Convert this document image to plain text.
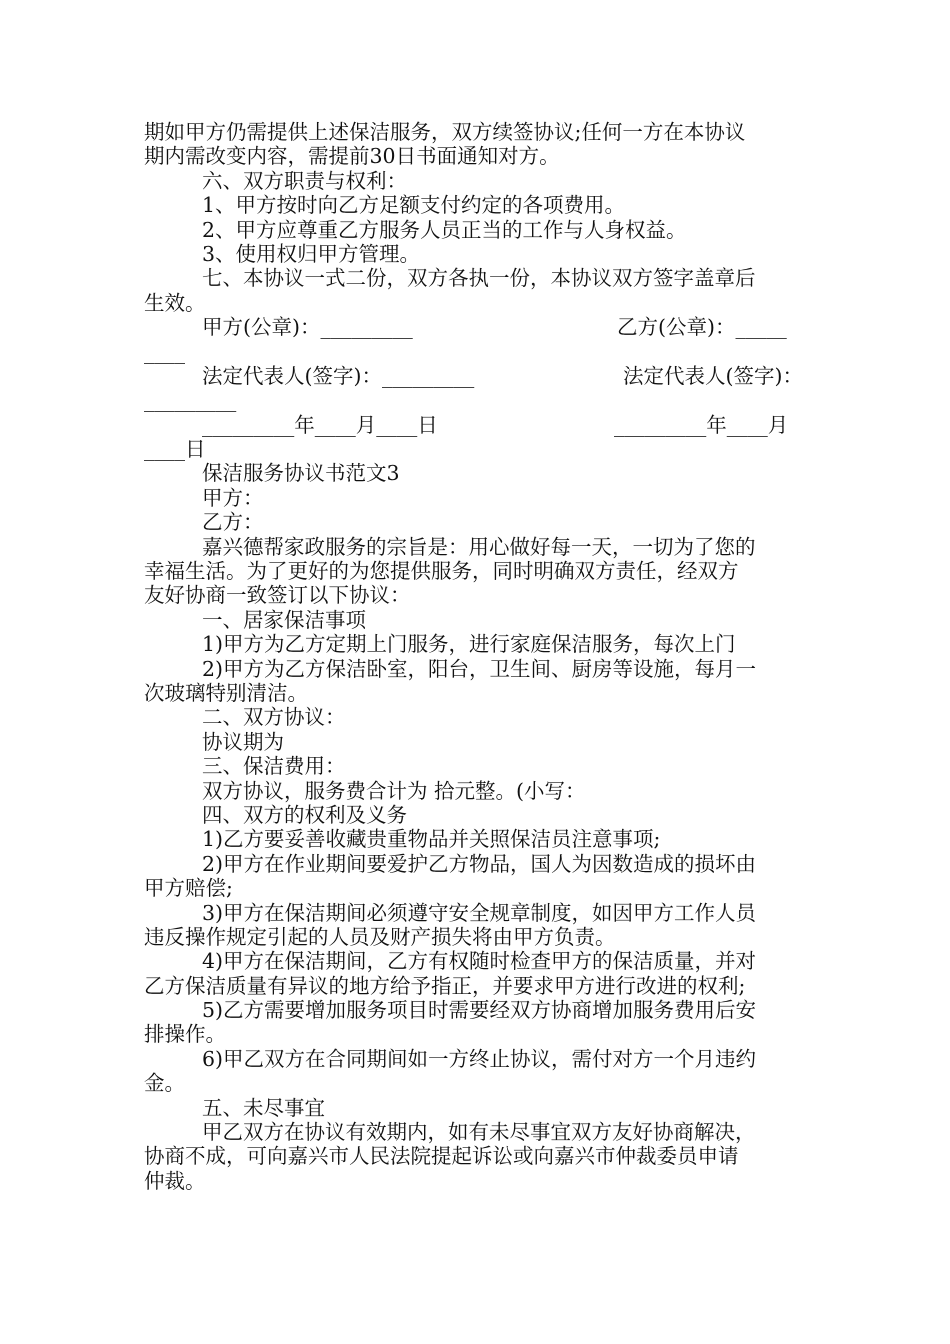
期如甲方仍需提供上述保洁服务，双方续签协议;任何一方在本协议
期内需改变内容，需提前30日书面通知对方。
六、双方职责与权利：
1、甲方按时向乙方足额支付约定的各项费用。
2、甲方应尊重乙方服务人员正当的工作与人身权益。
3、使用权归甲方管理。
七、本协议一式二份，双方各执一份，本协议双方签字盖章后
生效。
甲方(公章)：_________	乙方(公章)：_____
____
法定代表人(签字)：_________	法定代表人(签字)：
_________
_________年____月____日	_________年____月
____日
保洁服务协议书范文3
甲方：
乙方：
嘉兴德帮家政服务的宗旨是：用心做好每一天，一切为了您的
幸福生活。为了更好的为您提供服务，同时明确双方责任，经双方
友好协商一致签订以下协议：
一、居家保洁事项
1)甲方为乙方定期上门服务，进行家庭保洁服务，每次上门
2)甲方为乙方保洁卧室，阳台，卫生间、厨房等设施，每月一
次玻璃特别清洁。
二、双方协议：
协议期为
三、保洁费用：
双方协议，服务费合计为 拾元整。(小写：
四、双方的权利及义务
1)乙方要妥善收藏贵重物品并关照保洁员注意事项;
2)甲方在作业期间要爱护乙方物品，国人为因数造成的损坏由
甲方赔偿;
3)甲方在保洁期间必须遵守安全规章制度，如因甲方工作人员
违反操作规定引起的人员及财产损失将由甲方负责。
4)甲方在保洁期间，乙方有权随时检查甲方的保洁质量，并对
乙方保洁质量有异议的地方给予指正，并要求甲方进行改进的权利;
5)乙方需要增加服务项目时需要经双方协商增加服务费用后安
排操作。
6)甲乙双方在合同期间如一方终止协议，需付对方一个月违约
金。
五、未尽事宜
甲乙双方在协议有效期内，如有未尽事宜双方友好协商解决，
协商不成，可向嘉兴市人民法院提起诉讼或向嘉兴市仲裁委员申请
仲裁。
